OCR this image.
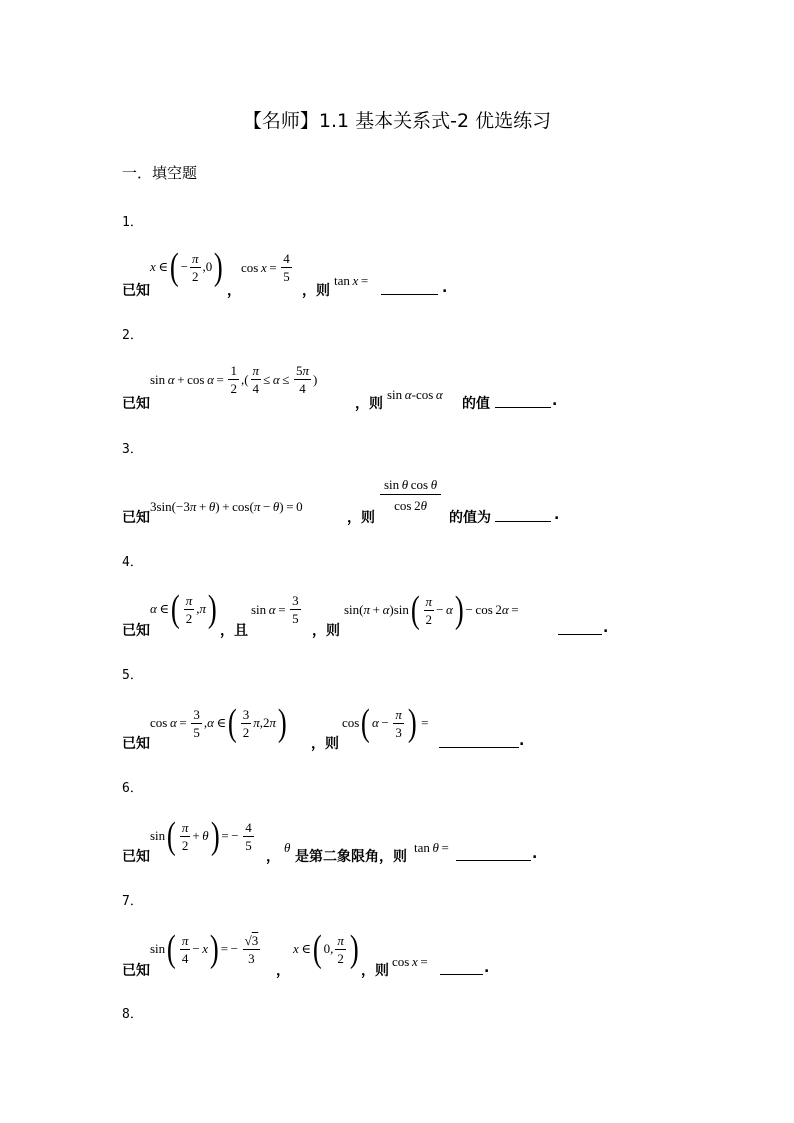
【名师】1.1 基本关系式-2 优选练习
一．填空题
1．
已知
x  ∈ ( − $\frac{\pi}{2} ,0$ )
，
$\cos x = \frac{4}{5}$
，则
tan  x  =	.
2．
已知
$\sin \alpha + \cos \alpha = \frac{1}{2}$ ,( $\frac{\pi}{4} \le \alpha \le \frac{5\pi}{4}$ )
，则
sin  α -cos  α
的值	.
3．
已知
3sin(−3 π  +  θ ) + cos( π  −  θ ) = 0
，则
$\frac{\text{sin θ cos θ}}{\cos 2\theta}$
的值为	.
4．
已知
α  ∈ ( $\frac{\pi}{2}$ , π )
，且
$\sin \alpha = \frac{3}{5}$
，则
sin( π  +  α )sin ( $\frac{\pi}{2} - \alpha$ ) − cos 2 α  =
.
5．
已知
$\cos \alpha = \frac{3}{5}$ , α  ∈ ( $\frac{3}{2}$ π ,2 π ) ，则
cos ( $\alpha - \frac{\pi}{3}$ )  =
.
6．
已知
sin ( $\frac{\pi}{2} + \theta$ ) = −  $\frac{4}{5}$
，
θ
是第二象限角，则
tan  θ  =	.
7．
已知
sin ( $\frac{\pi}{4} - x$ ) = −  $\frac{√3}{3}$
，
x  ∈ ( 0, $\frac{\pi}{2}$ )
，则
cos  x  =	.
8．
